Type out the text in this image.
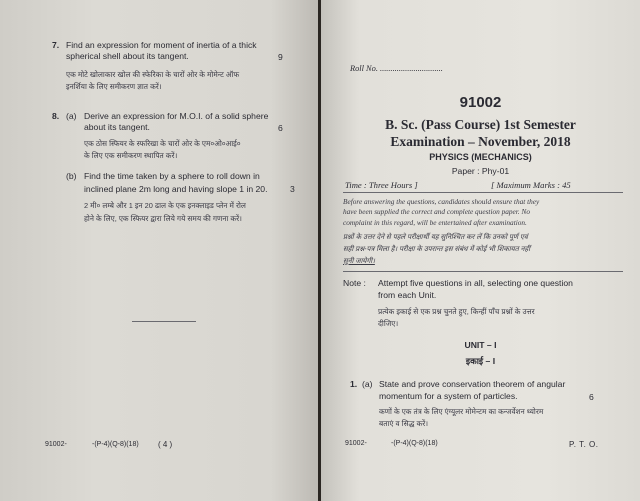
7. Find an expression for moment of inertia of a thick
spherical shell about its tangent.	9
एक मोटे खोलाकार खोल की स्फेरिका के चारों ओर के मोमेन्ट ऑफ
इनर्शिया के लिए समीकरण ज्ञात करें।
8. (a) Derive an expression for M.O.I. of a solid sphere
about its tangent.	6
एक ठोस स्फियर के स्फरिखा के चारों ओर के एम०ओ०आई०
के लिए एक समीकरण स्थापित करें।
(b) Find the time taken by a sphere to roll down in
inclined plane 2m long and having slope 1 in 20.	3
2 मी० लम्बे और 1 इन 20 ढाल के एक इनक्लाइड प्लेन में रोल
होने के लिए, एक स्फियर द्वारा लिये गये समय की गणना करें।
91002-	-(P-4)(Q-8)(18) ( 4 )
Roll No. ..............................
91002
B. Sc. (Pass Course) 1st Semester
Examination – November, 2018
PHYSICS (MECHANICS)
Paper : Phy-01
Time : Three Hours ]	[ Maximum Marks : 45
Before answering the questions, candidates should ensure that they
have been supplied the correct and complete question paper. No
complaint in this regard, will be entertained after examination.
प्रश्नों के उत्तर देने से पहले परीक्षार्थी यह सुनिश्चित कर लें कि उनको पूर्ण एवं
सही प्रश्न-पत्र मिला है। परीक्षा के उपरान्त इस संबंध में कोई भी शिकायत नहीं
सुनी जायेगी।
Note : Attempt five questions in all, selecting one question
from each Unit.
प्रत्येक इकाई से एक प्रश्न चुनते हुए, किन्हीं पाँच प्रश्नों के उत्तर
दीजिए।
UNIT – I
इकाई – I
1. (a) State and prove conservation theorem of angular
momentum for a system of particles.	6
कणों के एक तंत्र के लिए एंग्यूलर मोमेन्टम का कन्जर्वेशन थ्योरम
बताएं व सिद्ध करें।
91002-	-(P-4)(Q-8)(18)	P. T. O.
